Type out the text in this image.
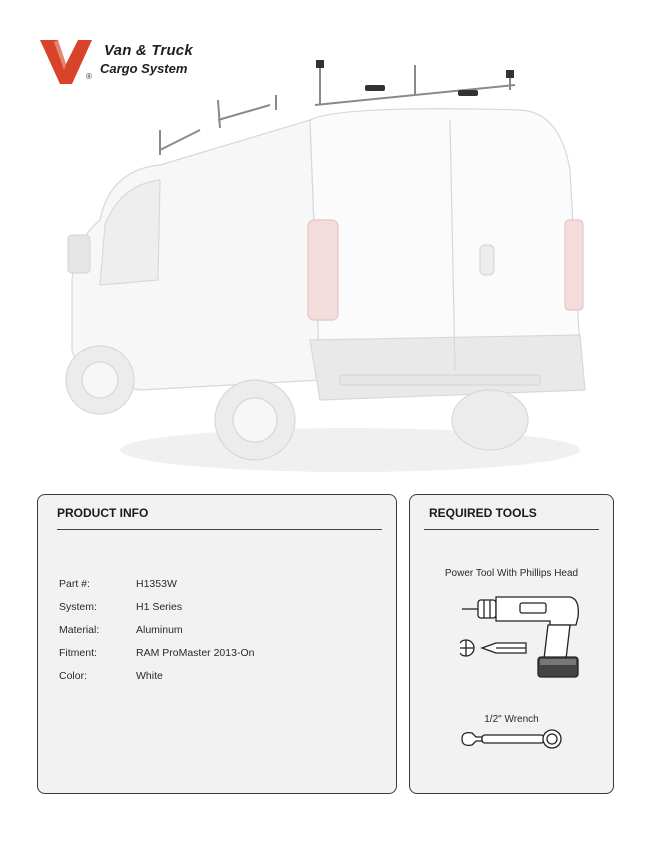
®
Van & Truck
Cargo System
PRODUCT INFO
Part #:	H1353W
System:	H1 Series
Material:	Aluminum
Fitment:	RAM ProMaster 2013-On
Color:	White
REQUIRED TOOLS
Power Tool With Phillips Head
1/2" Wrench
